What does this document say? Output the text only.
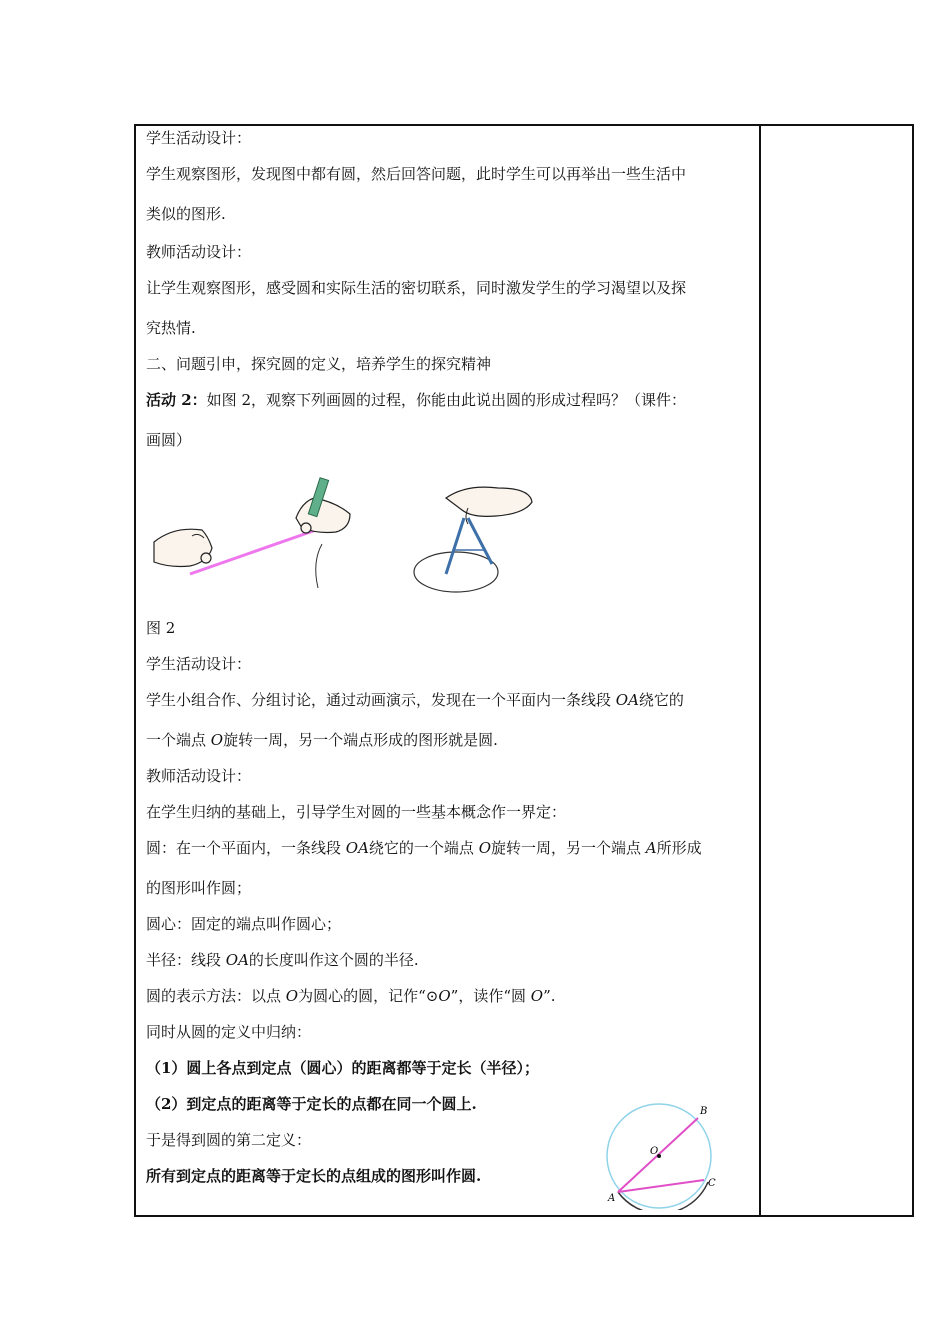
学生活动设计：
学生观察图形，发现图中都有圆，然后回答问题，此时学生可以再举出一些生活中
类似的图形.
教师活动设计：
让学生观察图形，感受圆和实际生活的密切联系，同时激发学生的学习渴望以及探
究热情.
二、问题引申，探究圆的定义，培养学生的探究精神
活动 2：如图 2，观察下列画圆的过程，你能由此说出圆的形成过程吗？（课件：
画圆）
图 2
学生活动设计：
学生小组合作、分组讨论，通过动画演示，发现在一个平面内一条线段 OA绕它的
一个端点 O旋转一周，另一个端点形成的图形就是圆.
教师活动设计：
在学生归纳的基础上，引导学生对圆的一些基本概念作一界定：
圆：在一个平面内，一条线段 OA绕它的一个端点 O旋转一周，另一个端点 A所形成
的图形叫作圆；
圆心：固定的端点叫作圆心；
半径：线段 OA的长度叫作这个圆的半径.
圆的表示方法：以点 O为圆心的圆，记作“⊙O”，读作“圆 O”.
同时从圆的定义中归纳：
（1）圆上各点到定点（圆心）的距离都等于定长（半径）；
（2）到定点的距离等于定长的点都在同一个圆上.
于是得到圆的第二定义：
所有到定点的距离等于定长的点组成的图形叫作圆.
B
O
A
C
